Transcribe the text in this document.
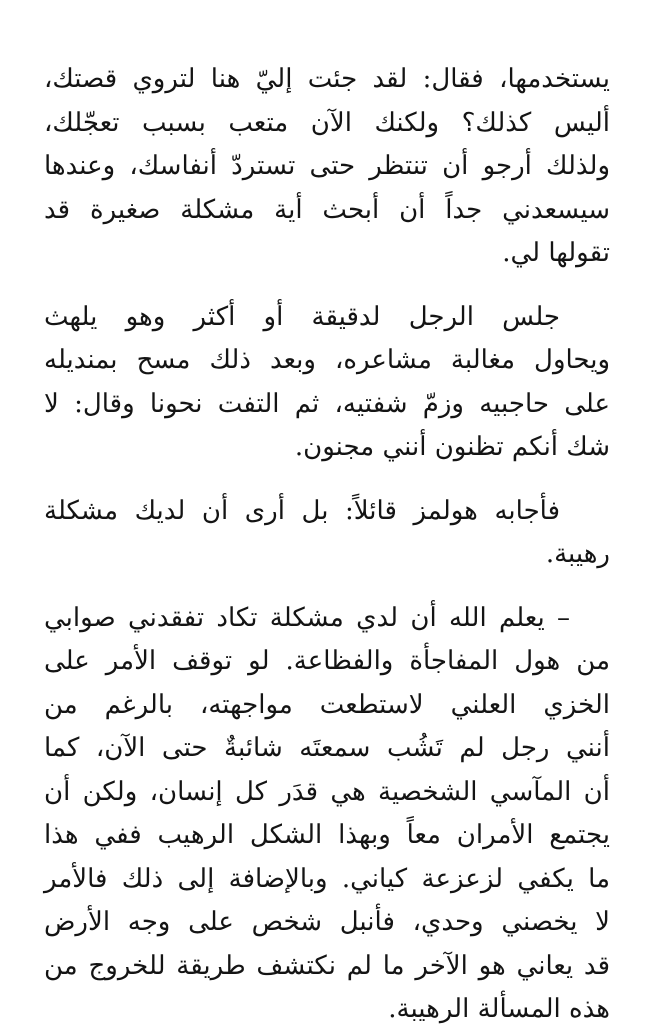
يستخدمها، فقال: لقد جئت إليّ هنا لتروي قصتك،
أليس كذلك؟ ولكنك الآن متعب بسبب تعجّلك،
ولذلك أرجو أن تنتظر حتى تستردّ أنفاسك، وعندها
سيسعدني جداً أن أبحث أية مشكلة صغيرة قد
تقولها لي.
جلس الرجل لدقيقة أو أكثر وهو يلهث
ويحاول مغالبة مشاعره، وبعد ذلك مسح بمنديله
على حاجبيه وزمّ شفتيه، ثم التفت نحونا وقال: لا
شك أنكم تظنون أنني مجنون.
فأجابه هولمز قائلاً: بل أرى أن لديك مشكلة
رهيبة.
– يعلم الله أن لدي مشكلة تكاد تفقدني صوابي
من هول المفاجأة والفظاعة. لو توقف الأمر على
الخزي العلني لاستطعت مواجهته، بالرغم من
أنني رجل لم تَشُب سمعتَه شائبةٌ حتى الآن، كما
أن المآسي الشخصية هي قدَر كل إنسان، ولكن أن
يجتمع الأمران معاً وبهذا الشكل الرهيب ففي هذا
ما يكفي لزعزعة كياني. وبالإضافة إلى ذلك فالأمر
لا يخصني وحدي، فأنبل شخص على وجه الأرض
قد يعاني هو الآخر ما لم نكتشف طريقة للخروج من
هذه المسألة الرهيبة.
